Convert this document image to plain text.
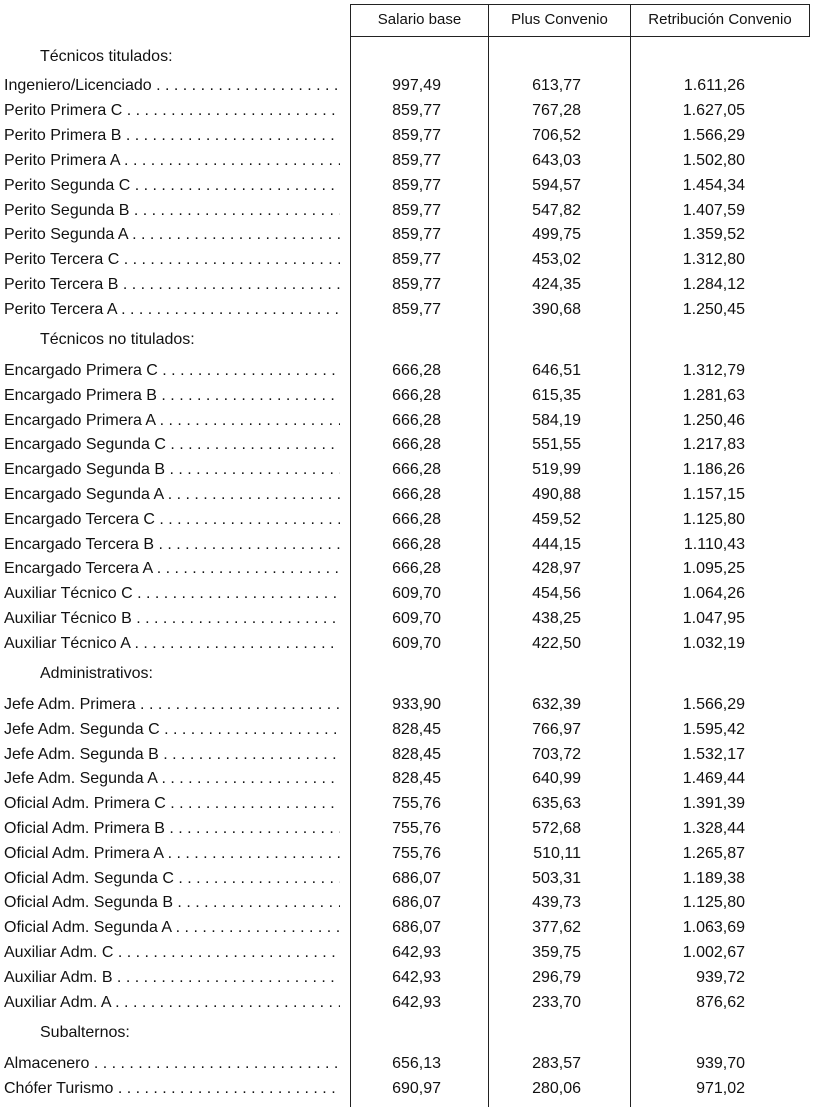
Salario base	Plus Convenio	Retribución Convenio
Técnicos titulados:
Ingeniero/Licenciado . . .	997,49	613,77	1.611,26
Perito Primera C . . .	859,77	767,28	1.627,05
Perito Primera B . . .	859,77	706,52	1.566,29
Perito Primera A . . .	859,77	643,03	1.502,80
Perito Segunda C . . .	859,77	594,57	1.454,34
Perito Segunda B . . .	859,77	547,82	1.407,59
Perito Segunda A . . .	859,77	499,75	1.359,52
Perito Tercera C . . .	859,77	453,02	1.312,80
Perito Tercera B . . .	859,77	424,35	1.284,12
Perito Tercera A . . .	859,77	390,68	1.250,45
Técnicos no titulados:
Encargado Primera C . . .	666,28	646,51	1.312,79
Encargado Primera B . . .	666,28	615,35	1.281,63
Encargado Primera A . . .	666,28	584,19	1.250,46
Encargado Segunda C . . .	666,28	551,55	1.217,83
Encargado Segunda B . . .	666,28	519,99	1.186,26
Encargado Segunda A . . .	666,28	490,88	1.157,15
Encargado Tercera C . . .	666,28	459,52	1.125,80
Encargado Tercera B . . .	666,28	444,15	1.110,43
Encargado Tercera A . . .	666,28	428,97	1.095,25
Auxiliar Técnico C . . .	609,70	454,56	1.064,26
Auxiliar Técnico B . . .	609,70	438,25	1.047,95
Auxiliar Técnico A . . .	609,70	422,50	1.032,19
Administrativos:
Jefe Adm. Primera . . .	933,90	632,39	1.566,29
Jefe Adm. Segunda C . . .	828,45	766,97	1.595,42
Jefe Adm. Segunda B . . .	828,45	703,72	1.532,17
Jefe Adm. Segunda A . . .	828,45	640,99	1.469,44
Oficial Adm. Primera C . . .	755,76	635,63	1.391,39
Oficial Adm. Primera B . . .	755,76	572,68	1.328,44
Oficial Adm. Primera A . . .	755,76	510,11	1.265,87
Oficial Adm. Segunda C . . .	686,07	503,31	1.189,38
Oficial Adm. Segunda B . . .	686,07	439,73	1.125,80
Oficial Adm. Segunda A . . .	686,07	377,62	1.063,69
Auxiliar Adm. C . . .	642,93	359,75	1.002,67
Auxiliar Adm. B . . .	642,93	296,79	939,72
Auxiliar Adm. A . . .	642,93	233,70	876,62
Subalternos:
Almacenero . . .	656,13	283,57	939,70
Chófer Turismo . . .	690,97	280,06	971,02
